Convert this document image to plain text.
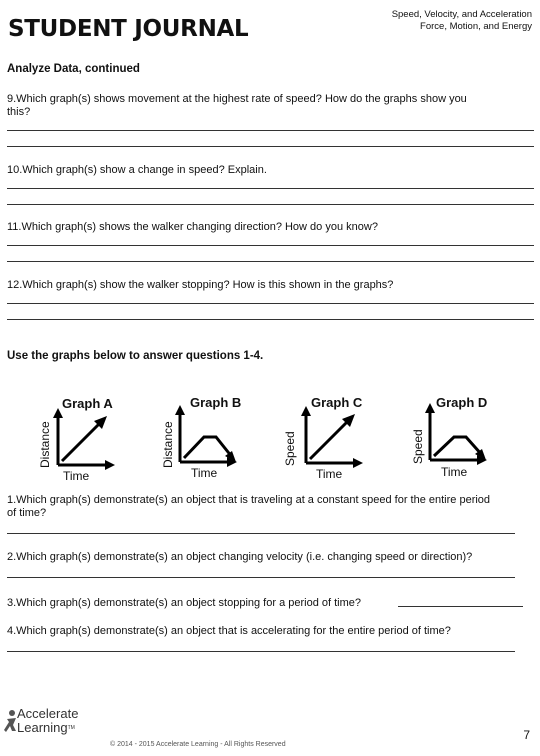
STUDENT JOURNAL
Speed, Velocity, and Acceleration
Force, Motion, and Energy
Analyze Data, continued
9.Which graph(s) shows movement at the highest rate of speed? How do the graphs show you
this?
10.Which graph(s) show a change in speed? Explain.
11.Which graph(s) shows the walker changing direction? How do you know?
12.Which graph(s) show the walker stopping? How is this shown in the graphs?
Use the graphs below to answer questions 1-4.
Graph A
Distance
Time
Graph B
Distance
Time
Graph C
Speed
Time
Graph D
Speed
Time
1.Which graph(s) demonstrate(s) an object that is traveling at a constant speed for the entire period
of time?
2.Which graph(s) demonstrate(s) an object changing velocity (i.e. changing speed or direction)?
3.Which graph(s) demonstrate(s) an object stopping for a period of time?
4.Which graph(s) demonstrate(s) an object that is accelerating for the entire period of time?
Accelerate
Learning™
© 2014 - 2015 Accelerate Learning - All Rights Reserved
7
